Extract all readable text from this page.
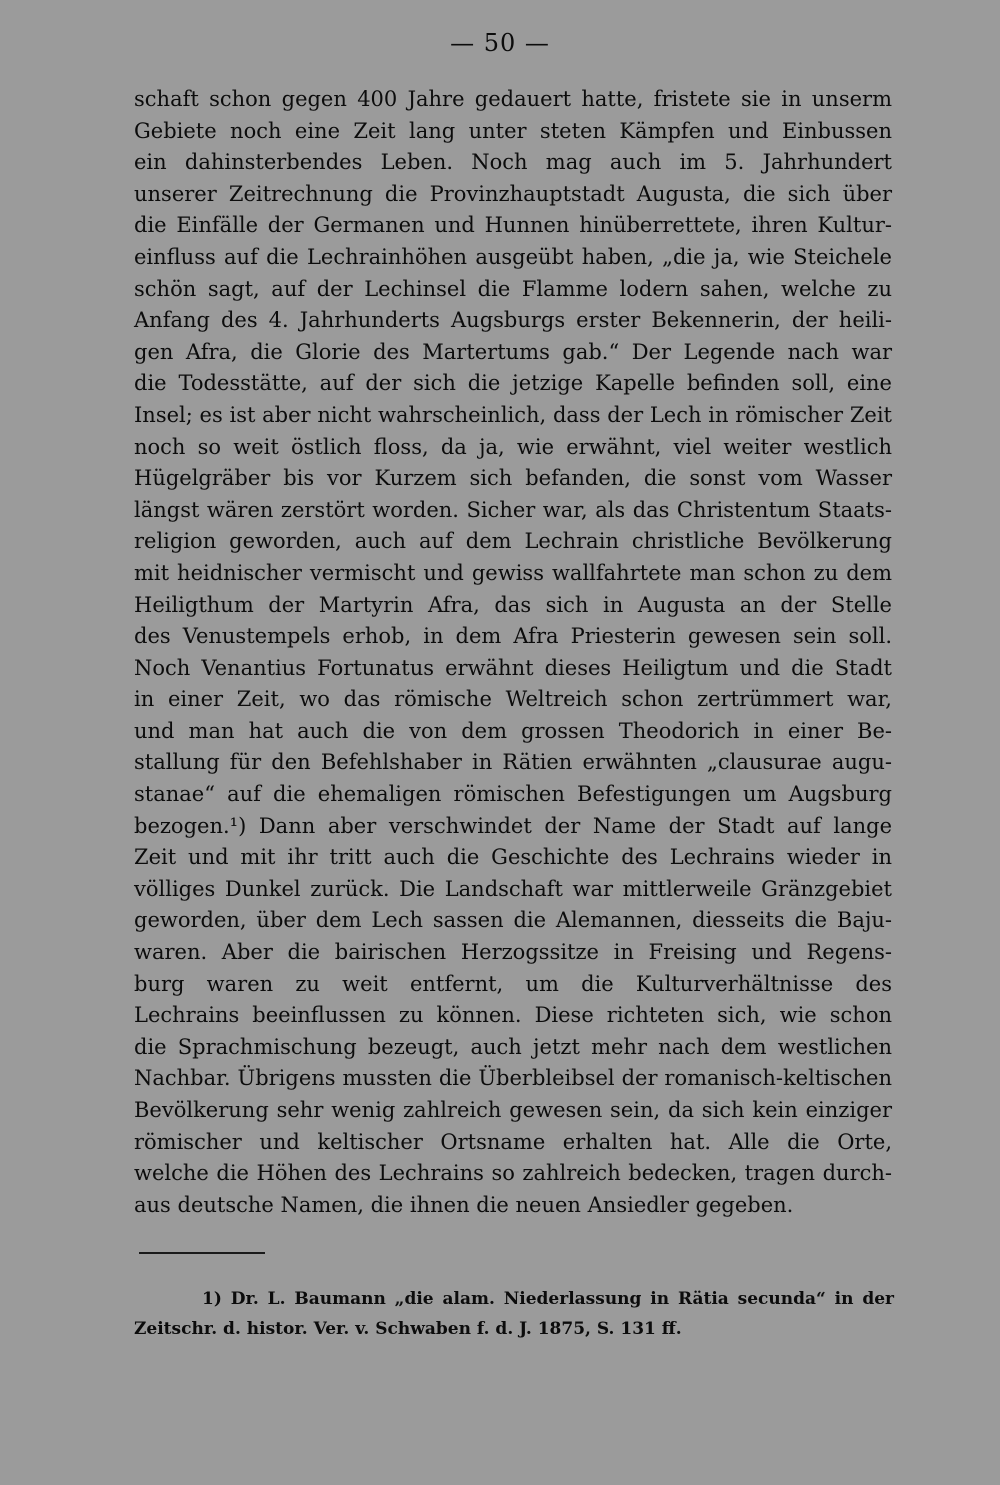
— 50 —
schaft schon gegen 400 Jahre gedauert hatte, fristete sie in unserm
Gebiete noch eine Zeit lang unter steten Kämpfen und Einbussen
ein dahinsterbendes Leben. Noch mag auch im 5. Jahrhundert
unserer Zeitrechnung die Provinzhauptstadt Augusta, die sich über
die Einfälle der Germanen und Hunnen hinüberrettete, ihren Kultur-
einfluss auf die Lechrainhöhen ausgeübt haben, „die ja, wie Steichele
schön sagt, auf der Lechinsel die Flamme lodern sahen, welche zu
Anfang des 4. Jahrhunderts Augsburgs erster Bekennerin, der heili-
gen Afra, die Glorie des Martertums gab.“ Der Legende nach war
die Todesstätte, auf der sich die jetzige Kapelle befinden soll, eine
Insel; es ist aber nicht wahrscheinlich, dass der Lech in römischer Zeit
noch so weit östlich floss, da ja, wie erwähnt, viel weiter westlich
Hügelgräber bis vor Kurzem sich befanden, die sonst vom Wasser
längst wären zerstört worden. Sicher war, als das Christentum Staats-
religion geworden, auch auf dem Lechrain christliche Bevölkerung
mit heidnischer vermischt und gewiss wallfahrtete man schon zu dem
Heiligthum der Martyrin Afra, das sich in Augusta an der Stelle
des Venustempels erhob, in dem Afra Priesterin gewesen sein soll.
Noch Venantius Fortunatus erwähnt dieses Heiligtum und die Stadt
in einer Zeit, wo das römische Weltreich schon zertrümmert war,
und man hat auch die von dem grossen Theodorich in einer Be-
stallung für den Befehlshaber in Rätien erwähnten „clausurae augu-
stanae“ auf die ehemaligen römischen Befestigungen um Augsburg
bezogen.¹) Dann aber verschwindet der Name der Stadt auf lange
Zeit und mit ihr tritt auch die Geschichte des Lechrains wieder in
völliges Dunkel zurück. Die Landschaft war mittlerweile Gränzgebiet
geworden, über dem Lech sassen die Alemannen, diesseits die Baju-
waren. Aber die bairischen Herzogssitze in Freising und Regens-
burg waren zu weit entfernt, um die Kulturverhältnisse des
Lechrains beeinflussen zu können. Diese richteten sich, wie schon
die Sprachmischung bezeugt, auch jetzt mehr nach dem westlichen
Nachbar. Übrigens mussten die Überbleibsel der romanisch-keltischen
Bevölkerung sehr wenig zahlreich gewesen sein, da sich kein einziger
römischer und keltischer Ortsname erhalten hat. Alle die Orte,
welche die Höhen des Lechrains so zahlreich bedecken, tragen durch-
aus deutsche Namen, die ihnen die neuen Ansiedler gegeben.
1) Dr. L. Baumann „die alam. Niederlassung in Rätia secunda“ in der
Zeitschr. d. histor. Ver. v. Schwaben f. d. J. 1875, S. 131 ff.
